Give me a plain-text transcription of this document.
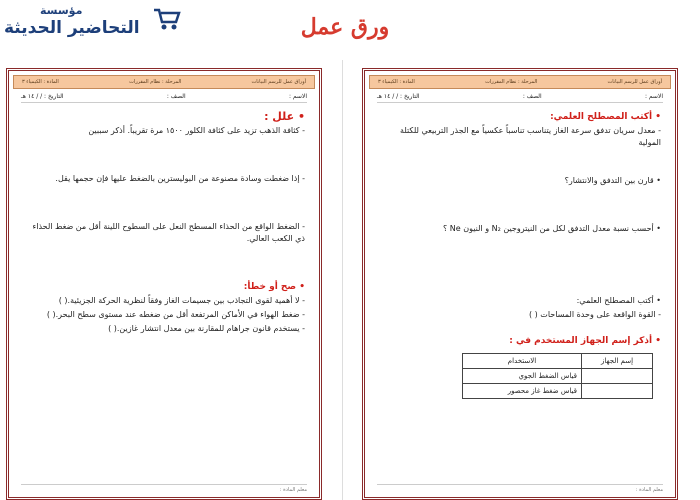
مؤسسة
التحاضير الحديثة	ورق عمل
أوراق عمل للرسم البيانات
المرحلة : نظام المقررات
المادة : الكيمياء ٣
الاسم :
الصف :
التاريخ : / / ١٤ هـ
• أكتب المصطلح العلمي:
- معدل سريان تدفق سرعة الغاز يتناسب تناسباً عكسياً مع الجذر التربيعي للكتلة المولية
• قارن بين التدفق والانتشار؟
• أحسب نسبة معدل التدفق لكل من النيتروجين N₂ و النيون Ne ؟
• أكتب المصطلح العلمي:
- القوة الواقعة على وحدة المساحات ( )
• أذكر إسم الجهاز المستخدم في :
إسم الجهاز	الاستخدام
	قياس الضغط الجوي
	قياس ضغط غاز محصور
معلم المادة :
أوراق عمل للرسم البيانات
المرحلة : نظام المقررات
المادة : الكيمياء ٣
الاسم :
الصف :
التاريخ : / / ١٤ هـ
• علل :
- كثافة الذهب تزيد على كثافة الكلور ١٥٠٠ مرة تقريباً. أذكر سببين
- إذا ضغطت وسادة مصنوعة من البوليسترين بالضغط عليها فإن حجمها يقل.
- الضغط الواقع من الحذاء المسطح النعل على السطوح اللينة أقل من ضغط الحذاء ذي الكعب العالي.
• صح أو خطأ:
- لا أهمية لقوى التجاذب بين جسيمات الغاز وفقاً لنظرية الحركة الجزيئية.( )
- ضغط الهواء في الأماكن المرتفعة أقل من ضغطه عند مستوى سطح البحر.( )
- يستخدم قانون جراهام للمقارنة بين معدل انتشار غازين.( )
معلم المادة :
